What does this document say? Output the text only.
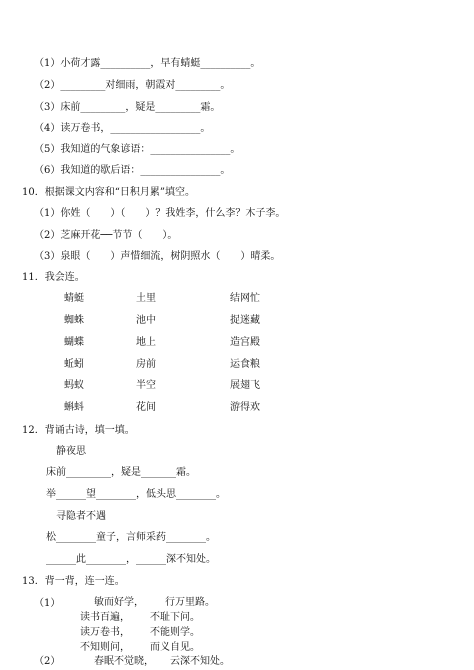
（1）小荷才露__________，早有蜻蜓__________。
（2）_________对细雨，朝霞对_________。
（3）床前_________，疑是_________霜。
（4）读万卷书，__________________。
（5）我知道的气象谚语：________________。
（6）我知道的歇后语：________________。
10．根据课文内容和“日积月累”填空。
（1）你姓（　　）（　　）？我姓李，什么李？木子李。
（2）芝麻开花──节节（　　）。
（3）泉眼（　　）声惜细流，树阴照水（　　）晴柔。
11．我会连。
蜻蜓
蜘蛛
蝴蝶
蚯蚓
蚂蚁
蝌蚪
土里
池中
地上
房前
半空
花间
结网忙
捉迷藏
造宫殿
运食粮
展翅飞
游得欢
12．背诵古诗，填一填。
静夜思
床前_________，疑是_______霜。
举______望________，低头思________。
寻隐者不遇
松________童子，言师采药________。
______此________，______深不知处。
13．背一背，连一连。
（1）	敏而好学， 行万里路。
读书百遍， 不耻下问。
读万卷书， 不能则学。
不知则问， 而义自见。
（2）	春眠不觉晓， 云深不知处。
